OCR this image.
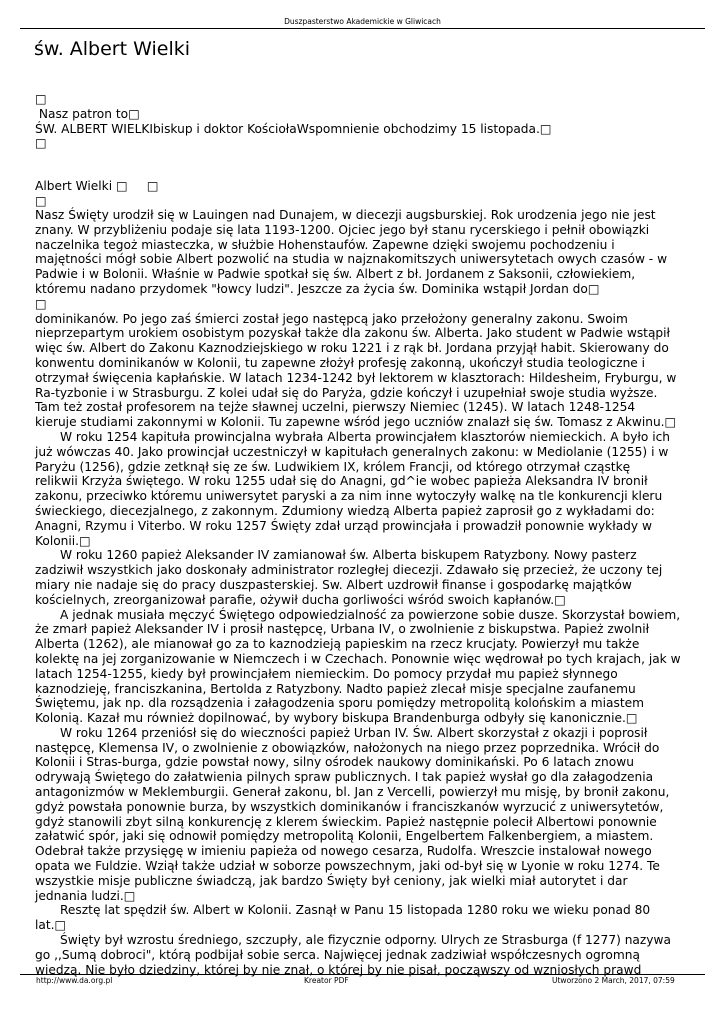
Duszpasterstwo Akademickie w Gliwicach
św. Albert Wielki
□
Nasz patron to□
ŚW. ALBERT WIELKIbiskup i doktor KościołaWspomnienie obchodzimy 15 listopada.□
□
Albert Wielki □     □
□
Nasz Święty urodził się w Lauingen nad Dunajem, w diecezji augsburskiej. Rok urodzenia jego nie jest
znany. W przybliżeniu podaje się lata 1193-1200. Ojciec jego był stanu rycerskiego i pełnił obowiązki
naczelnika tegoż miasteczka, w służbie Hohenstaufów. Zapewne dzięki swojemu pochodzeniu i
majętności mógł sobie Albert pozwolić na studia w najznakomitszych uniwersytetach owych czasów - w
Padwie i w Bolonii. Właśnie w Padwie spotkał się św. Albert z bł. Jordanem z Saksonii, człowiekiem,
któremu nadano przydomek "łowcy ludzi". Jeszcze za życia św. Dominika wstąpił Jordan do□
□
dominikanów. Po jego zaś śmierci został jego następcą jako przełożony generalny zakonu. Swoim
nieprzepartym urokiem osobistym pozyskał także dla zakonu św. Alberta. Jako student w Padwie wstąpił
więc św. Albert do Zakonu Kaznodziejskiego w roku 1221 i z rąk bł. Jordana przyjął habit. Skierowany do
konwentu dominikanów w Kolonii, tu zapewne złożył profesję zakonną, ukończył studia teologiczne i
otrzymał święcenia kapłańskie. W latach 1234-1242 był lektorem w klasztorach: Hildesheim, Fryburgu, w
Ra-tyzbonie i w Strasburgu. Z kolei udał się do Paryża, gdzie kończył i uzupełniał swoje studia wyższe.
Tam też został profesorem na tejże sławnej uczelni, pierwszy Niemiec (1245). W latach 1248-1254
kieruje studiami zakonnymi w Kolonii. Tu zapewne wśród jego uczniów znalazł się św. Tomasz z Akwinu.□
W roku 1254 kapituła prowincjalna wybrała Alberta prowincjałem klasztorów niemieckich. A było ich
już wówczas 40. Jako prowincjał uczestniczył w kapitułach generalnych zakonu: w Mediolanie (1255) i w
Paryżu (1256), gdzie zetknął się ze św. Ludwikiem IX, królem Francji, od którego otrzymał cząstkę
relikwii Krzyża świętego. W roku 1255 udał się do Anagni, gd^ie wobec papieża Aleksandra IV bronił
zakonu, przeciwko któremu uniwersytet paryski a za nim inne wytoczyły walkę na tle konkurencji kleru
świeckiego, diecezjalnego, z zakonnym. Zdumiony wiedzą Alberta papież zaprosił go z wykładami do:
Anagni, Rzymu i Viterbo. W roku 1257 Święty zdał urząd prowincjała i prowadził ponownie wykłady w
Kolonii.□
W roku 1260 papież Aleksander IV zamianował św. Alberta biskupem Ratyzbony. Nowy pasterz
zadziwił wszystkich jako doskonały administrator rozległej diecezji. Zdawało się przecież, że uczony tej
miary nie nadaje się do pracy duszpasterskiej. Sw. Albert uzdrowił finanse i gospodarkę majątków
kościelnych, zreorganizował parafie, ożywił ducha gorliwości wśród swoich kapłanów.□
A jednak musiała męczyć Świętego odpowiedzialność za powierzone sobie dusze. Skorzystał bowiem,
że zmarł papież Aleksander IV i prosił następcę, Urbana IV, o zwolnienie z biskupstwa. Papież zwolnił
Alberta (1262), ale mianował go za to kaznodzieją papieskim na rzecz krucjaty. Powierzył mu także
kolektę na jej zorganizowanie w Niemczech i w Czechach. Ponownie więc wędrował po tych krajach, jak w
latach 1254-1255, kiedy był prowincjałem niemieckim. Do pomocy przydał mu papież słynnego
kaznodzieję, franciszkanina, Bertolda z Ratyzbony. Nadto papież zlecał misje specjalne zaufanemu
Świętemu, jak np. dla rozsądzenia i załagodzenia sporu pomiędzy metropolitą kolońskim a miastem
Kolonią. Kazał mu również dopilnować, by wybory biskupa Brandenburga odbyły się kanonicznie.□
W roku 1264 przeniósł się do wieczności papież Urban IV. Św. Albert skorzystał z okazji i poprosił
następcę, Klemensa IV, o zwolnienie z obowiązków, nałożonych na niego przez poprzednika. Wrócił do
Kolonii i Stras-burga, gdzie powstał nowy, silny ośrodek naukowy dominikański. Po 6 latach znowu
odrywają Świętego do załatwienia pilnych spraw publicznych. I tak papież wysłał go dla załagodzenia
antagonizmów w Meklemburgii. Generał zakonu, bl. Jan z Vercelli, powierzył mu misję, by bronił zakonu,
gdyż powstała ponownie burza, by wszystkich dominikanów i franciszkanów wyrzucić z uniwersytetów,
gdyż stanowili zbyt silną konkurencję z klerem świeckim. Papież następnie polecił Albertowi ponownie
załatwić spór, jaki się odnowił pomiędzy metropolitą Kolonii, Engelbertem Falkenbergiem, a miastem.
Odebrał także przysięgę w imieniu papieża od nowego cesarza, Rudolfa. Wreszcie instalował nowego
opata we Fuldzie. Wziął także udział w soborze powszechnym, jaki od-był się w Lyonie w roku 1274. Te
wszystkie misje publiczne świadczą, jak bardzo Święty był ceniony, jak wielki miał autorytet i dar
jednania ludzi.□
Resztę lat spędził św. Albert w Kolonii. Zasnął w Panu 15 listopada 1280 roku we wieku ponad 80
lat.□
Święty był wzrostu średniego, szczupły, ale fizycznie odporny. Ulrych ze Strasburga (f 1277) nazywa
go ,,Sumą dobroci", którą podbijał sobie serca. Najwięcej jednak zadziwiał współczesnych ogromną
wiedzą. Nie było dziedziny, której by nie znał, o której by nie pisał, począwszy od wzniosłych prawd
http://www.da.org.pl	Kreator PDF	Utworzono 2 March, 2017, 07:59
